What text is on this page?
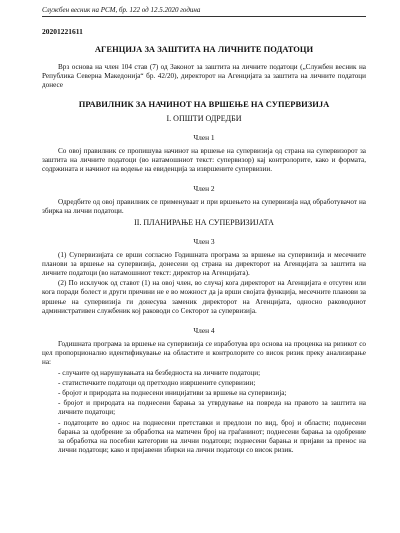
Службен весник на РСМ, бр. 122 од 12.5.2020 година
20201221611
АГЕНЦИЈА ЗА ЗАШТИТА НА ЛИЧНИТЕ ПОДАТОЦИ

Врз основа на член 104 став (7) од Законот за заштита на личните податоци („Службен весник на Република Северна Македонија“ бр. 42/20), директорот на Агенцијата за заштита на личните податоци донесе

ПРАВИЛНИК ЗА НАЧИНОТ НА ВРШЕЊЕ НА СУПЕРВИЗИЈА
I. ОПШТИ ОДРЕДБИ
Член 1

Со овој правилник се пропишува начинот на вршење на супервизија од страна на супервизорот за заштита на личните податоци (во натамошниот текст: супервизор) кај контролорите, како и формата, содржината и начинот на водење на евиденција за извршените супервизии.

Член 2

Одредбите од овој правилник се применуваат и при вршењето на супервизија над обработувачот на збирка на лични податоци.

II. ПЛАНИРАЊЕ НА СУПЕРВИЗИЈАТА
Член 3

(1) Супервизијата се врши согласно Годишната програма за вршење на супервизија и месечните планови за вршење на супервизија, донесени од страна на директорот на Агенцијата за заштита на личните податоци (во натамошниот текст: директор на Агенцијата).

(2) По исклучок од ставот (1) на овој член, во случај кога директорот на Агенцијата е отсутен или кога поради болест и други причини не е во можност да ја врши својата функција, месечните планови за вршење на супервизија ги донесува заменик директорот на Агенцијата, односно раководниот административен службеник кој раководи со Секторот за супервизија.

Член 4

Годишната програма за вршење на супервизија се изработува врз основа на проценка на ризикот со цел пропорционално идентификување на областите и контролорите со висок ризик преку анализирање на:

- случаите од нарушувањата на безбедноста на личните податоци;

- статистичките податоци од претходно извршените супервизии;

- бројот и природата на поднесени иницијативи за вршење на супервизија;

- бројот и природата на поднесени барања за утврдување на повреда на правото за заштита на личните податоци;

- податоците во однос на поднесени претставки и предлози по вид, број и области; поднесени барања за одобрение за обработка на матичен број на граѓанинот; поднесени барања за одобрение за обработка на посебни категории на лични податоци; поднесени барања и пријави за пренос на лични податоци; како и пријавени збирки на лични податоци со висок ризик.
